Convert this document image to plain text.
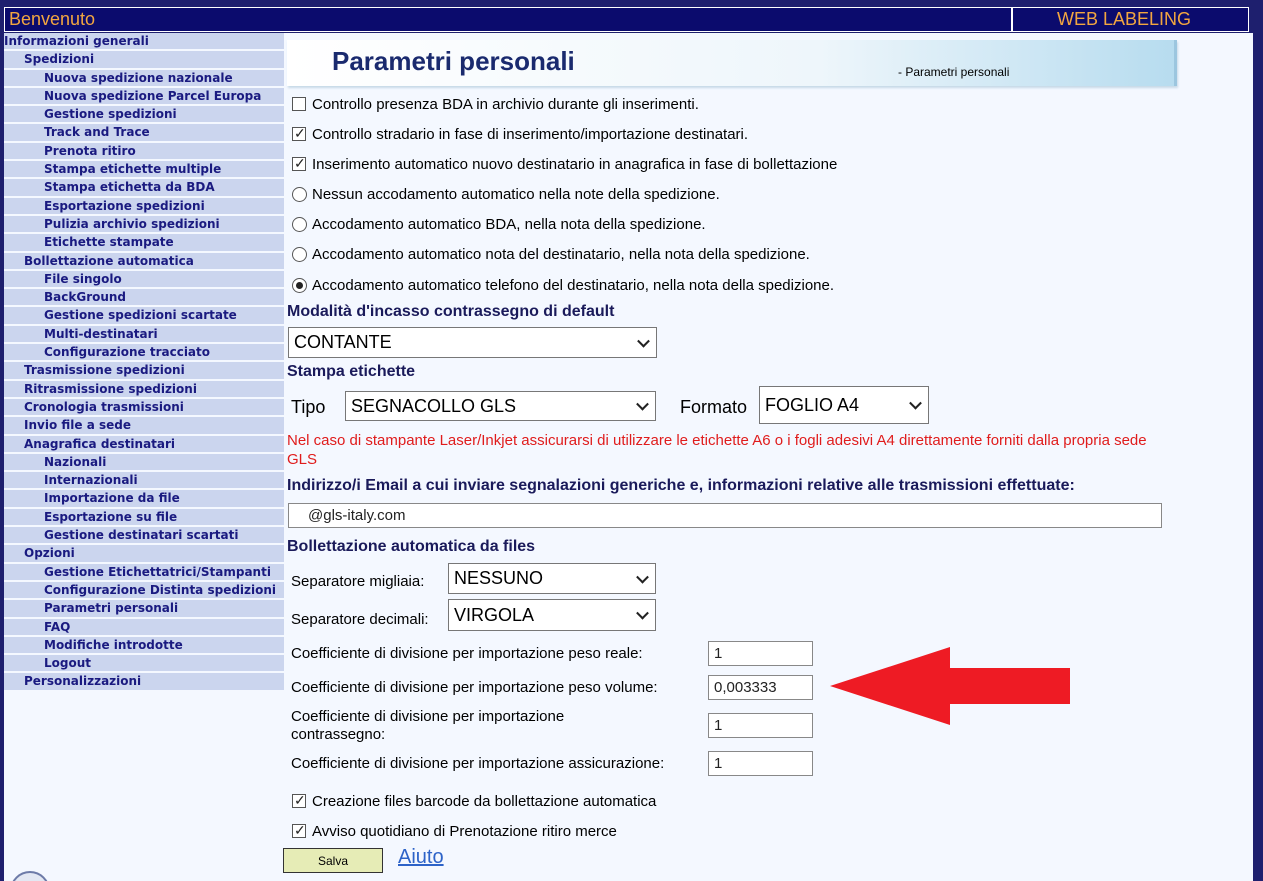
Benvenuto	WEB LABELING
Informazioni generali
Spedizioni
Nuova spedizione nazionale
Nuova spedizione Parcel Europa
Gestione spedizioni
Track and Trace
Prenota ritiro
Stampa etichette multiple
Stampa etichetta da BDA
Esportazione spedizioni
Pulizia archivio spedizioni
Etichette stampate
Bollettazione automatica
File singolo
BackGround
Gestione spedizioni scartate
Multi-destinatari
Configurazione tracciato
Trasmissione spedizioni
Ritrasmissione spedizioni
Cronologia trasmissioni
Invio file a sede
Anagrafica destinatari
Nazionali
Internazionali
Importazione da file
Esportazione su file
Gestione destinatari scartati
Opzioni
Gestione Etichettatrici/Stampanti
Configurazione Distinta spedizioni
Parametri personali
FAQ
Modifiche introdotte
Logout
Personalizzazioni
Parametri personali	- Parametri personali
Controllo presenza BDA in archivio durante gli inserimenti.
✓
Controllo stradario in fase di inserimento/importazione destinatari.
✓
Inserimento automatico nuovo destinatario in anagrafica in fase di bollettazione
Nessun accodamento automatico nella note della spedizione.
Accodamento automatico BDA, nella nota della spedizione.
Accodamento automatico nota del destinatario, nella nota della spedizione.
Accodamento automatico telefono del destinatario, nella nota della spedizione.
Modalità d'incasso contrassegno di default
CONTANTE
Stampa etichette
Tipo SEGNACOLLO GLS	Formato FOGLIO A4
Nel caso di stampante Laser/Inkjet assicurarsi di utilizzare le etichette A6 o i fogli adesivi A4 direttamente forniti dalla propria sede GLS
Indirizzo/i Email a cui inviare segnalazioni generiche e, informazioni relative alle trasmissioni effettuate:
@gls-italy.com
Bollettazione automatica da files
Separatore migliaia: NESSUNO
Separatore decimali: VIRGOLA
Coefficiente di divisione per importazione peso reale:	1
Coefficiente di divisione per importazione peso volume:	0,003333
Coefficiente di divisione per importazione contrassegno:
1
Coefficiente di divisione per importazione assicurazione:	1
✓
Creazione files barcode da bollettazione automatica
✓
Avviso quotidiano di Prenotazione ritiro merce
Salva	Aiuto
